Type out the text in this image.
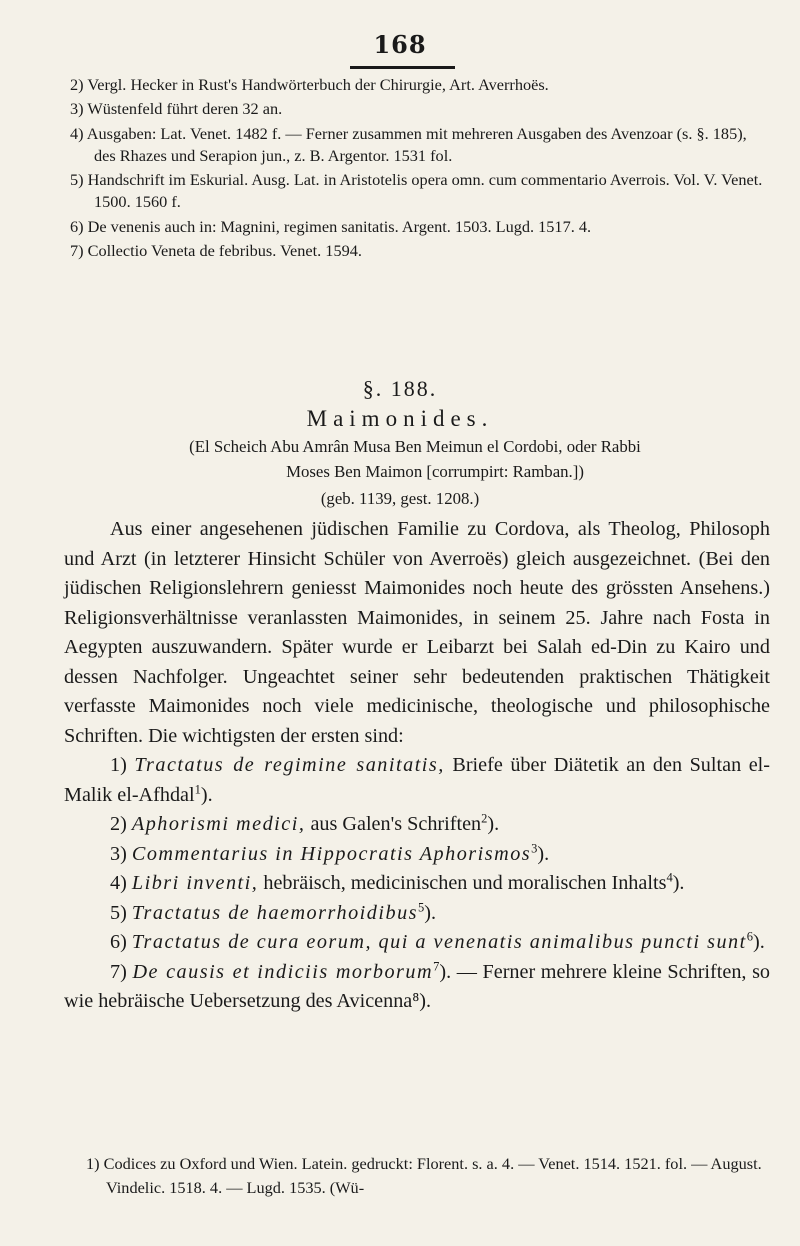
168

2) Vergl. Hecker in Rust's Handwörterbuch der Chirurgie, Art. Averrhoës.

3) Wüstenfeld führt deren 32 an.

4) Ausgaben: Lat. Venet. 1482 f. — Ferner zusammen mit mehreren Ausgaben des Avenzoar (s. §. 185), des Rhazes und Serapion jun., z. B. Argentor. 1531 fol.

5) Handschrift im Eskurial. Ausg. Lat. in Aristotelis opera omn. cum commentario Averrois. Vol. V. Venet. 1500. 1560 f.

6) De venenis auch in: Magnini, regimen sanitatis. Argent. 1503. Lugd. 1517. 4.

7) Collectio Veneta de febribus. Venet. 1594.

§. 188.
Maimonides.
(El Scheich Abu Amrân Musa Ben Meimun el Cordobi, oder Rabbi
Moses Ben Maimon [corrumpirt: Ramban.])
(geb. 1139, gest. 1208.)

Aus einer angesehenen jüdischen Familie zu Cordova, als Theolog, Philosoph und Arzt (in letzterer Hinsicht Schüler von Averroës) gleich ausgezeichnet. (Bei den jüdischen Religionslehrern geniesst Maimonides noch heute des grössten Ansehens.) Religionsverhältnisse veranlassten Maimonides, in seinem 25. Jahre nach Fosta in Aegypten auszuwandern. Später wurde er Leibarzt bei Salah ed-Din zu Kairo und dessen Nachfolger. Ungeachtet seiner sehr bedeutenden praktischen Thätigkeit verfasste Maimonides noch viele medicinische, theologische und philosophische Schriften. Die wichtigsten der ersten sind:

1) Tractatus de regimine sanitatis, Briefe über Diätetik an den Sultan el-Malik el-Afhdal$^1$).

2) Aphorismi medici, aus Galen's Schriften$^2$).

3) Commentarius in Hippocratis Aphorismos$^3$).

4) Libri inventi, hebräisch, medicinischen und moralischen Inhalts$^4$).

5) Tractatus de haemorrhoidibus$^5$).

6) Tractatus de cura eorum, qui a venenatis animalibus puncti sunt$^6$).

7) De causis et indiciis morborum$^7$). — Ferner mehrere kleine Schriften, so wie hebräische Uebersetzung des Avicenna⁸).

1) Codices zu Oxford und Wien. Latein. gedruckt: Florent. s. a. 4. — Venet. 1514. 1521. fol. — August. Vindelic. 1518. 4. — Lugd. 1535. (Wü-
